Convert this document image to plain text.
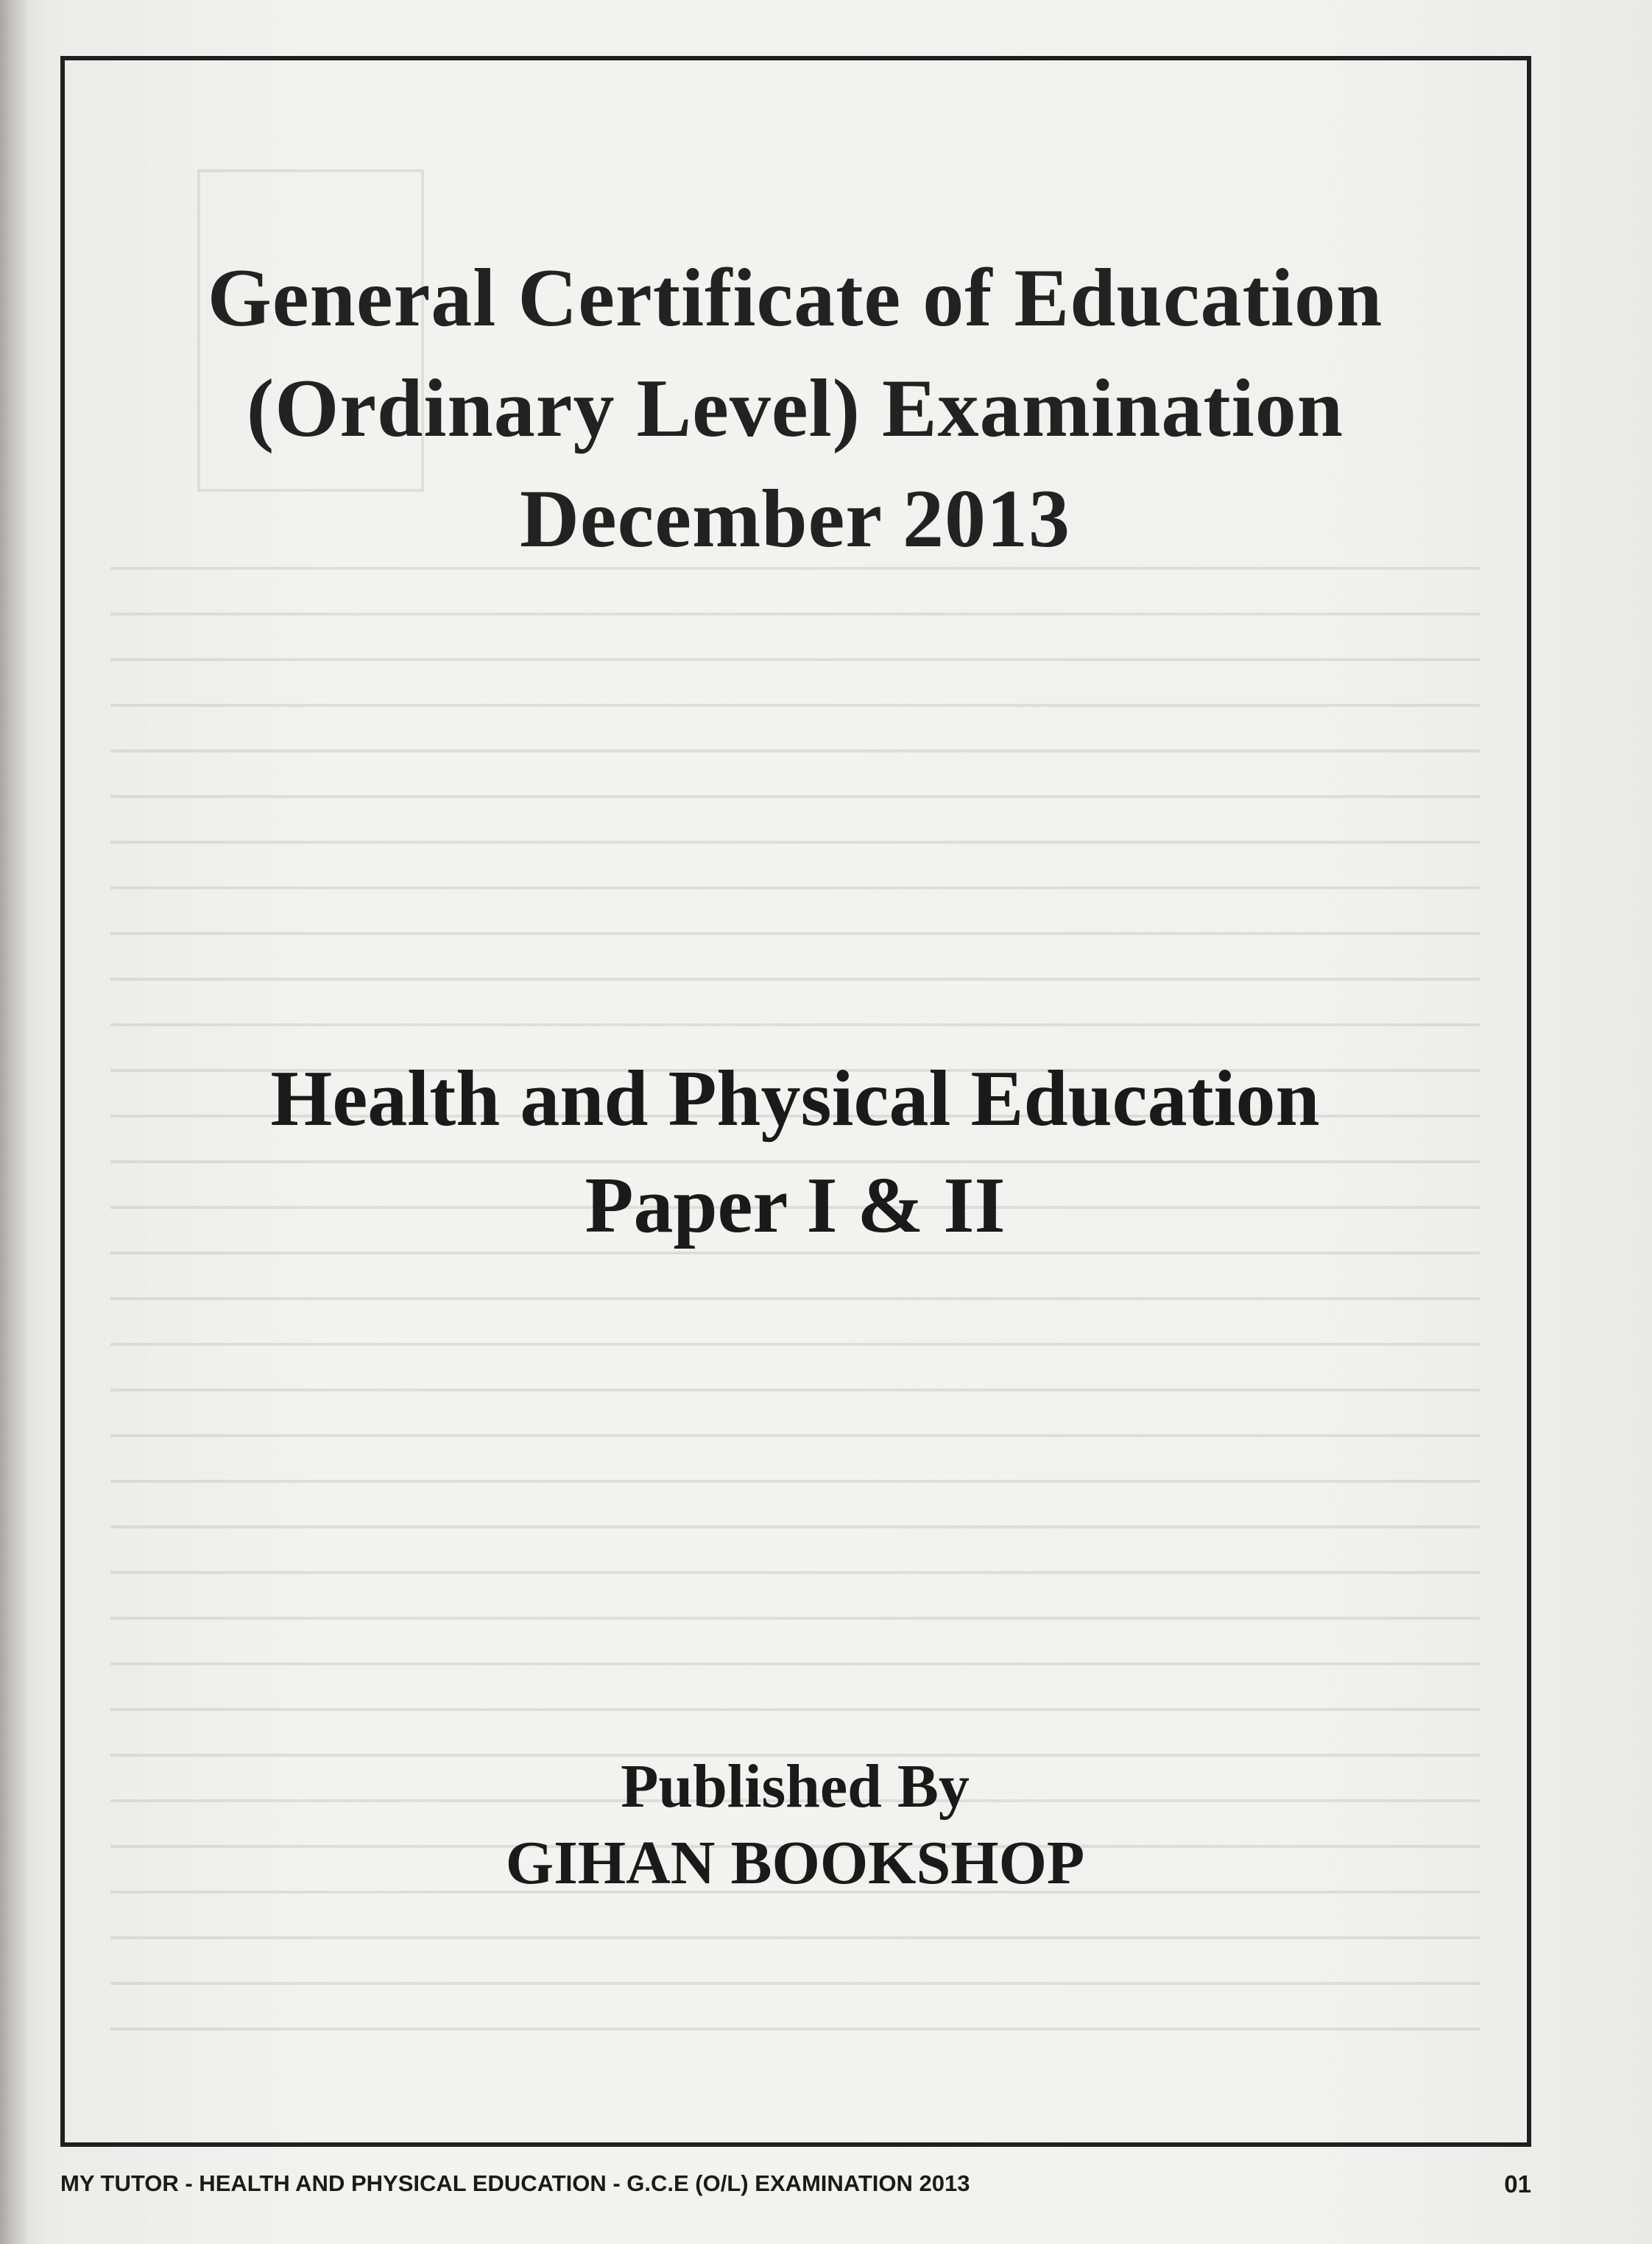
General Certificate of Education
(Ordinary Level) Examination
December 2013
Health and Physical Education
Paper I & II
Published By
GIHAN BOOKSHOP
MY TUTOR - HEALTH AND PHYSICAL EDUCATION - G.C.E (O/L) EXAMINATION 2013	01
